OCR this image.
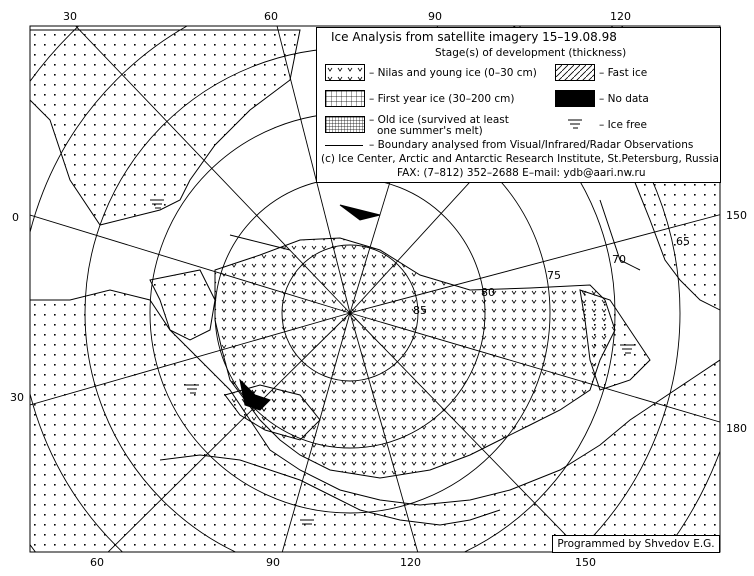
30	60	90	120
60	90	120	150
0
30
150
180
85
80
75
70
65
Ice Analysis from satellite imagery 15–19.08.98
Stage(s) of development (thickness)
– Nilas and young ice (0–30 cm)	– Fast ice
– First year ice (30–200 cm)	– No data
– Old ice (survived at least
one summer's melt)	– Ice free
– Boundary analysed from Visual/Infrared/Radar Observations
(c) Ice Center, Arctic and Antarctic Research Institute, St.Petersburg, Russia
FAX: (7–812) 352–2688 E–mail: ydb@aari.nw.ru
Programmed by Shvedov E.G.
